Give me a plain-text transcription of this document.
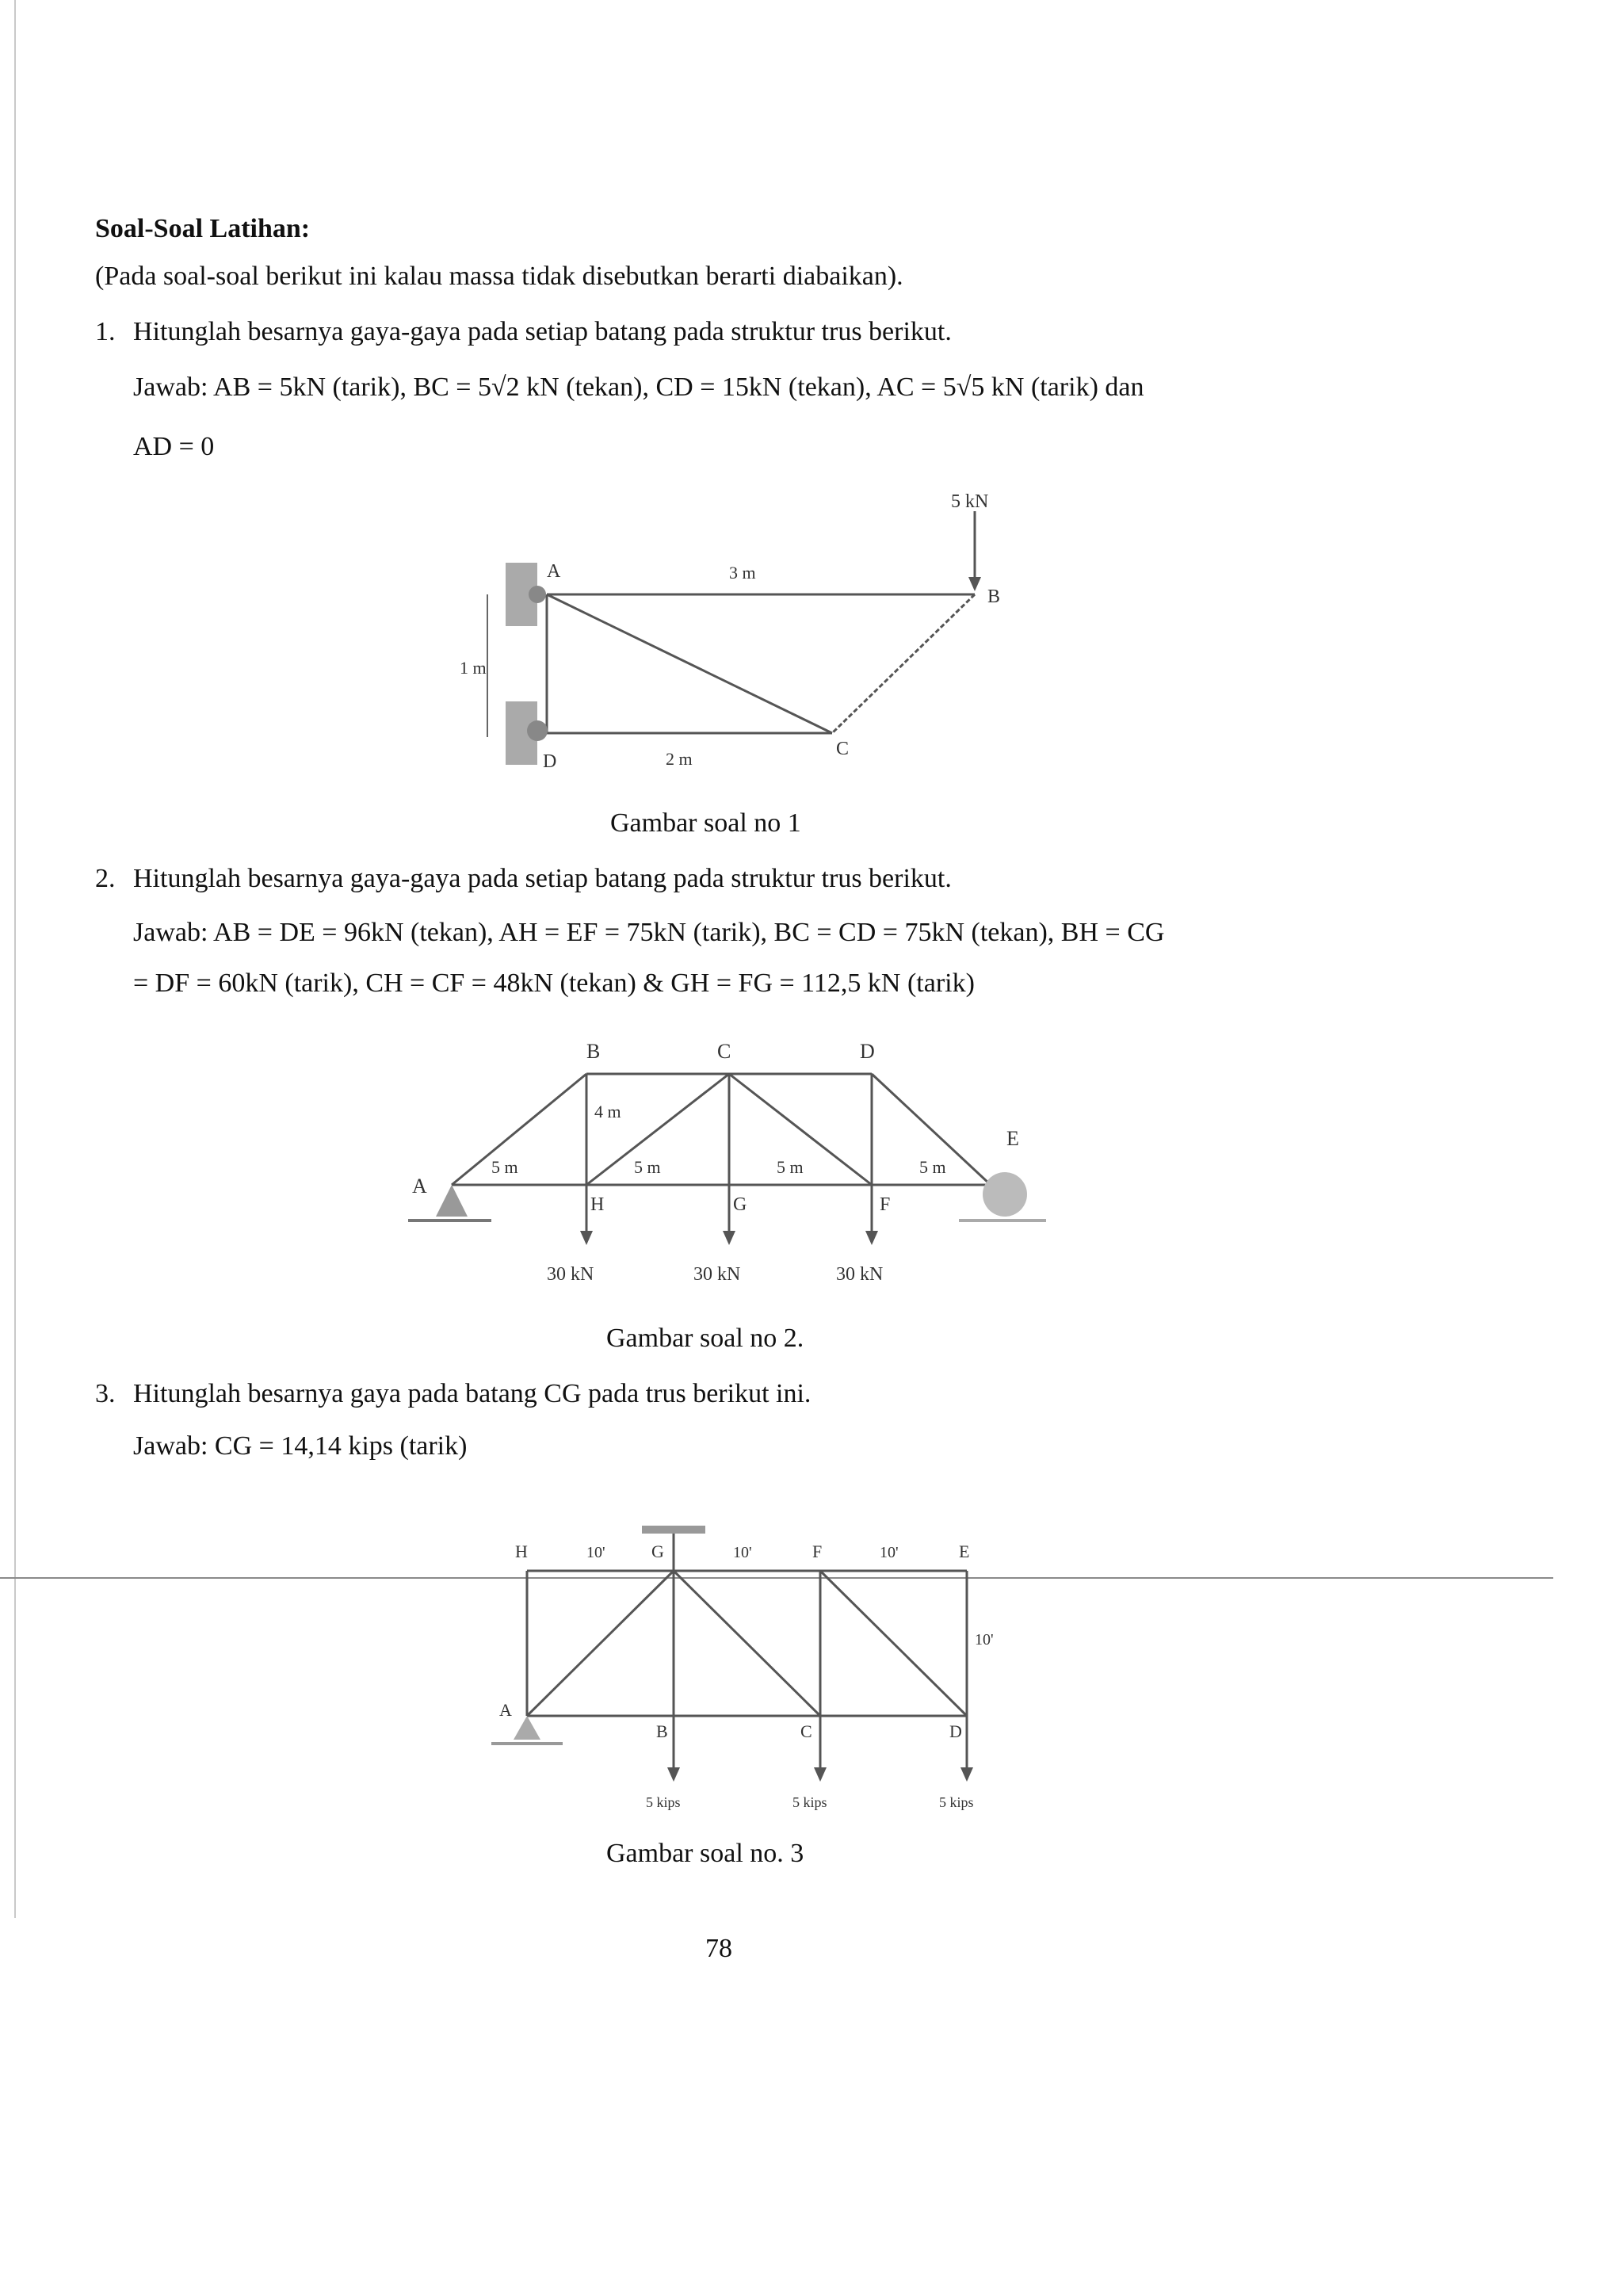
Soal-Soal Latihan:
(Pada soal-soal berikut ini kalau massa tidak disebutkan berarti diabaikan).
1. Hitunglah besarnya gaya-gaya pada setiap batang pada struktur trus berikut.
Jawab: AB = 5kN (tarik), BC = 5√2 kN (tekan), CD = 15kN (tekan), AC = 5√5 kN (tarik) dan
AD = 0
5 kN
A
B
C
D
3 m
1 m
2 m
Gambar soal no 1
2. Hitunglah besarnya gaya-gaya pada setiap batang pada struktur trus berikut.
Jawab: AB = DE = 96kN (tekan), AH = EF = 75kN (tarik), BC = CD = 75kN (tekan), BH = CG
= DF = 60kN (tarik), CH = CF = 48kN (tekan) & GH = FG = 112,5 kN (tarik)
B	C	D
E
A
H	G	F
4 m
5 m	5 m	5 m	5 m
30 kN	30 kN	30 kN
Gambar soal no 2.
3. Hitunglah besarnya gaya pada batang CG pada trus berikut ini.
Jawab: CG = 14,14 kips (tarik)
H	G	F	E
A
B	C	D
10'	10'	10'
10'
5 kips	5 kips	5 kips
Gambar soal no. 3
78
